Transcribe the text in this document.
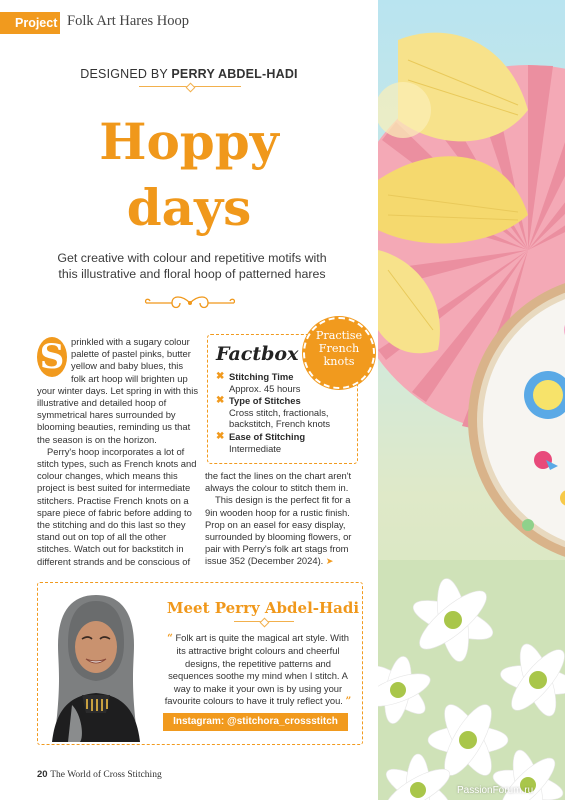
Project Folk Art Hares Hoop
DESIGNED BY PERRY ABDEL-HADI
Hoppy
days
Get creative with colour and repetitive motifs with this illustrative and floral hoop of patterned hares

S prinkled with a sugary colour palette of pastel pinks, butter yellow and baby blues, this folk art hoop will brighten up your winter days. Let spring in with this illustrative and detailed hoop of symmetrical hares surrounded by blooming beauties, reminding us that the season is on the horizon.

Perry's hoop incorporates a lot of stitch types, such as French knots and colour changes, which means this project is best suited for intermediate stitchers. Practise French knots on a spare piece of fabric before adding to the stitching and do this last so they stand out on top of all the other stitches. Watch out for backstitch in different strands and be conscious of

the fact the lines on the chart aren't always the colour to stitch them in.

This design is the perfect fit for a 9in wooden hoop for a rustic finish. Prop on an easel for easy display, surrounded by blooming flowers, or pair with Perry's folk art stags from issue 352 (December 2024). ➤

Factbox
✖ Stitching Time
Approx. 45 hours
✖ Type of Stitches
Cross stitch, fractionals, backstitch, French knots
✖ Ease of Stitching
Intermediate
Practise
French
knots
Meet Perry Abdel-Hadi
“ Folk art is quite the magical art style. With its attractive bright colours and cheerful designs, the repetitive patterns and sequences soothe my mind when I stitch. A way to make it your own is by using your favourite colours to have it truly reflect you. ”
Instagram: @stitchora_crossstitch
20 The World of Cross Stitching
PassionForum.ru
